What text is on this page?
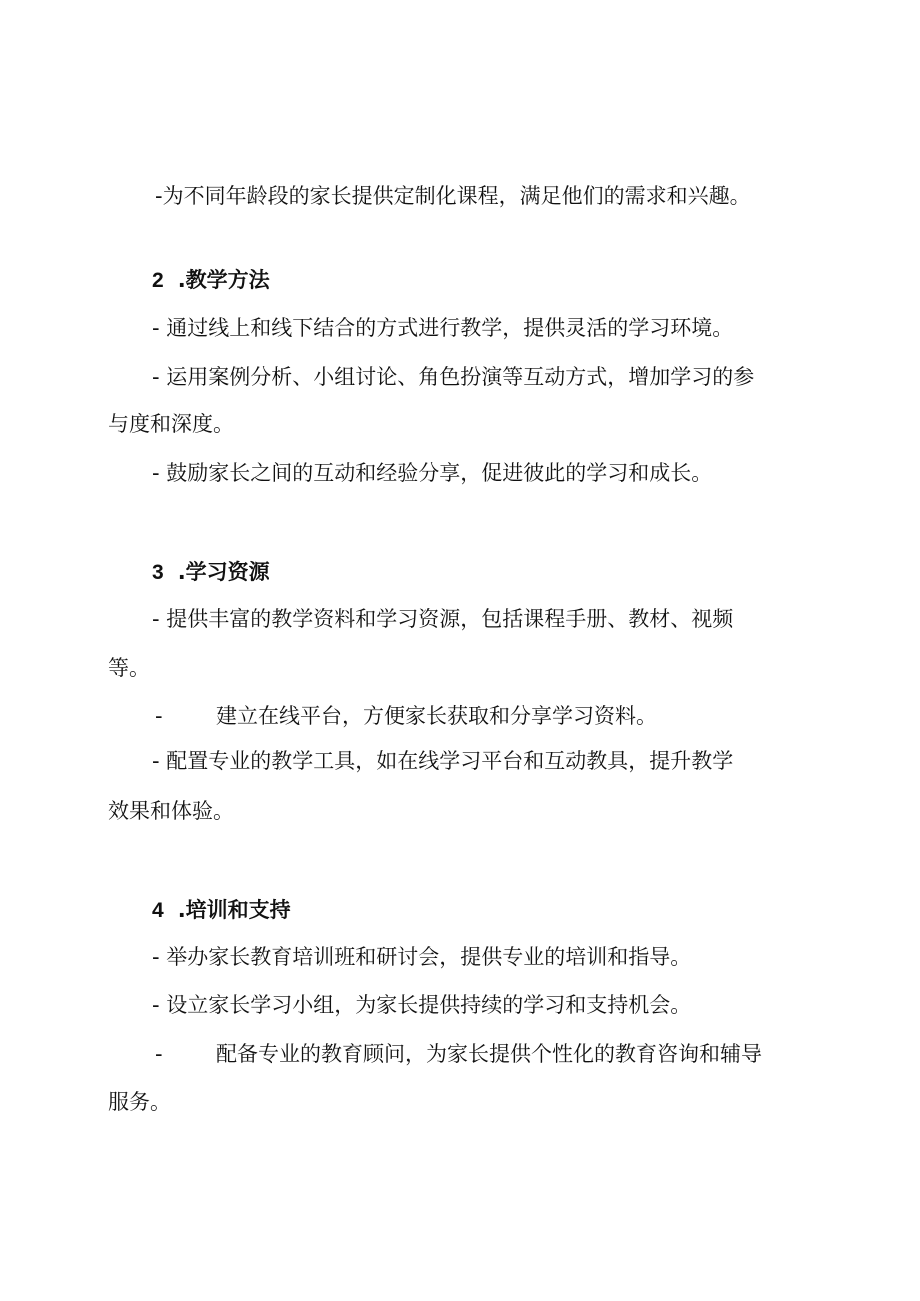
-为不同年龄段的家长提供定制化课程，满足他们的需求和兴趣。
2 .教学方法
- 通过线上和线下结合的方式进行教学，提供灵活的学习环境。
- 运用案例分析、小组讨论、角色扮演等互动方式，增加学习的参
与度和深度。
- 鼓励家长之间的互动和经验分享，促进彼此的学习和成长。
3 .学习资源
- 提供丰富的教学资料和学习资源，包括课程手册、教材、视频
等。
-	建立在线平台，方便家长获取和分享学习资料。
- 配置专业的教学工具，如在线学习平台和互动教具，提升教学
效果和体验。
4 .培训和支持
- 举办家长教育培训班和研讨会，提供专业的培训和指导。
- 设立家长学习小组，为家长提供持续的学习和支持机会。
-	配备专业的教育顾问，为家长提供个性化的教育咨询和辅导
服务。
